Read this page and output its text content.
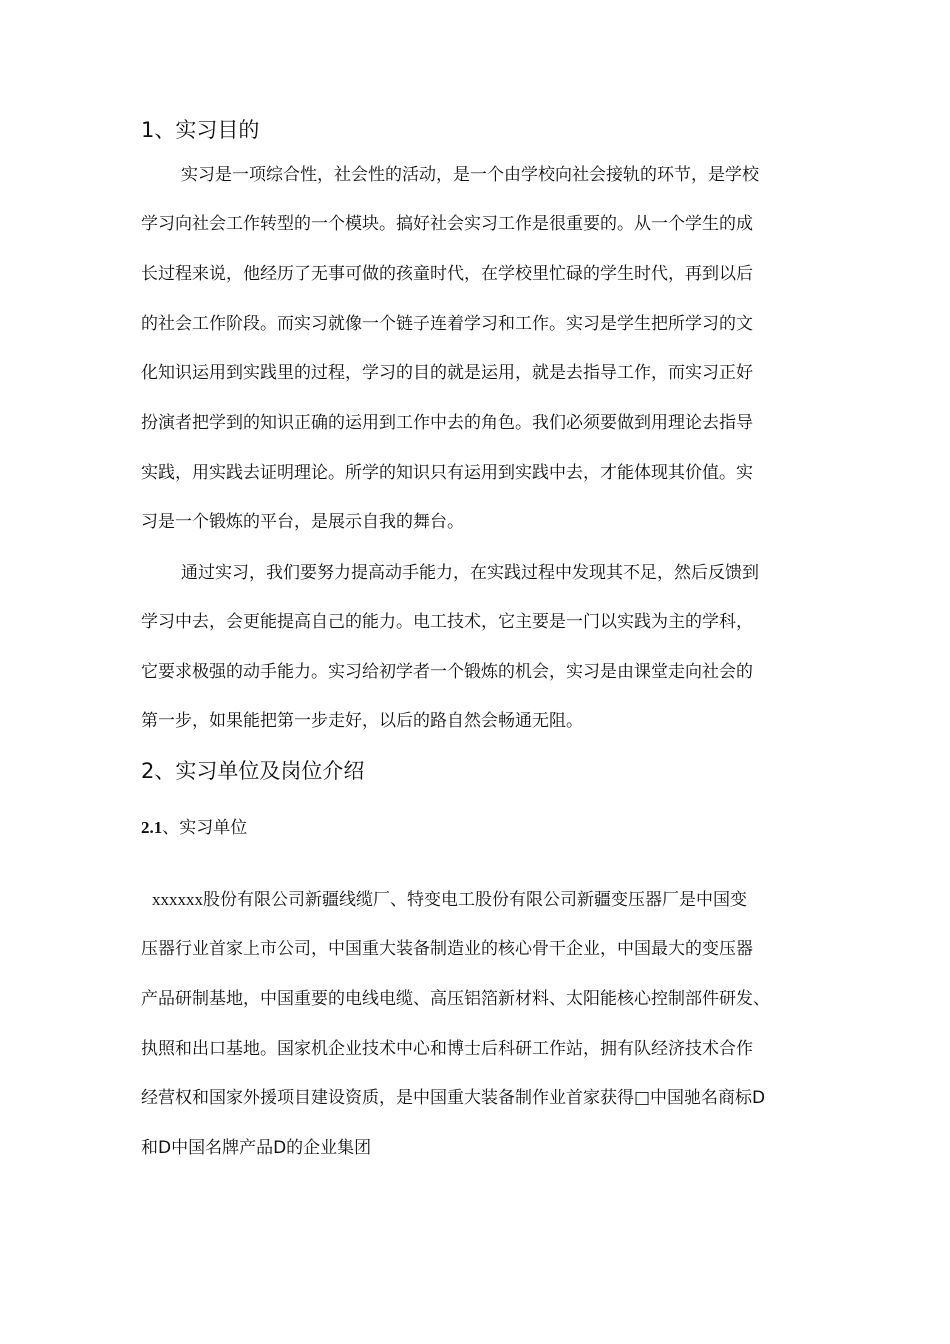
1、实习目的
实习是一项综合性，社会性的活动，是一个由学校向社会接轨的环节，是学校
学习向社会工作转型的一个模块。搞好社会实习工作是很重要的。从一个学生的成
长过程来说，他经历了无事可做的孩童时代，在学校里忙碌的学生时代，再到以后
的社会工作阶段。而实习就像一个链子连着学习和工作。实习是学生把所学习的文
化知识运用到实践里的过程，学习的目的就是运用，就是去指导工作，而实习正好
扮演者把学到的知识正确的运用到工作中去的角色。我们必须要做到用理论去指导
实践，用实践去证明理论。所学的知识只有运用到实践中去，才能体现其价值。实
习是一个锻炼的平台，是展示自我的舞台。
通过实习，我们要努力提高动手能力，在实践过程中发现其不足，然后反馈到
学习中去，会更能提高自己的能力。电工技术，它主要是一门以实践为主的学科，
它要求极强的动手能力。实习给初学者一个锻炼的机会，实习是由课堂走向社会的
第一步，如果能把第一步走好，以后的路自然会畅通无阻。
2、实习单位及岗位介绍
2.1、实习单位
xxxxxx股份有限公司新疆线缆厂、特变电工股份有限公司新疆变压器厂是中国变
压器行业首家上市公司，中国重大装备制造业的核心骨干企业，中国最大的变压器
产品研制基地，中国重要的电线电缆、高压铝箔新材料、太阳能核心控制部件研发、
执照和出口基地。国家机企业技术中心和博士后科研工作站，拥有队经济技术合作
经营权和国家外援项目建设资质，是中国重大装备制作业首家获得□中国驰名商标D
和D中国名牌产品D的企业集团
